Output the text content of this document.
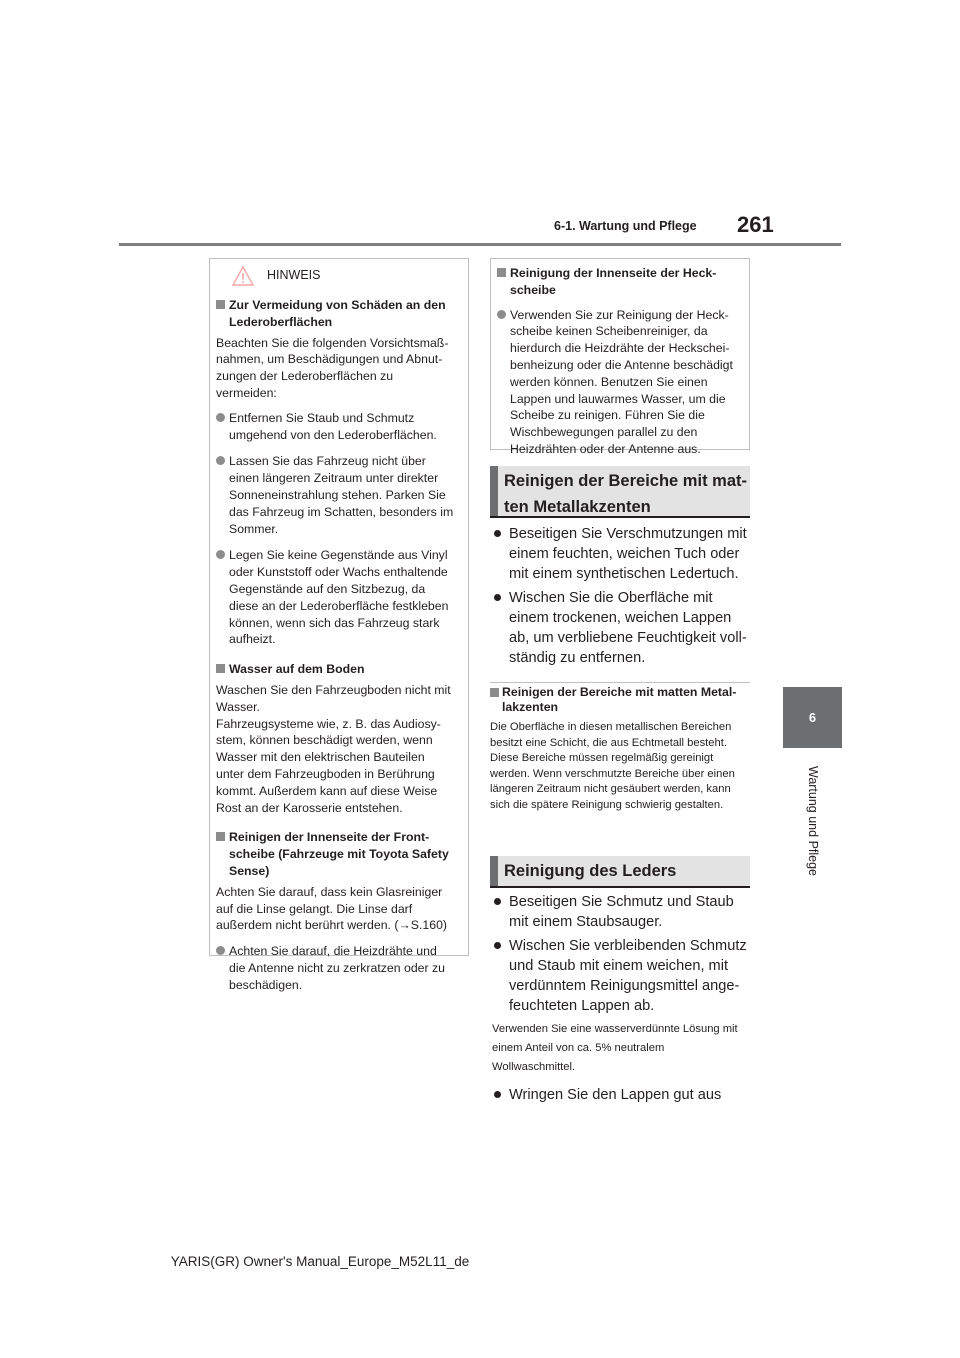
6-1. Wartung und Pflege 261
6
Wartung und Pflege
HINWEIS
Zur Vermeidung von Schäden an den Lederoberflächen
Beachten Sie die folgenden Vorsichtsmaßnahmen, um Beschädigungen und Abnutzungen der Lederoberflächen zu vermeiden:
Entfernen Sie Staub und Schmutz umgehend von den Lederoberflächen.
Lassen Sie das Fahrzeug nicht über einen längeren Zeitraum unter direkter Sonneneinstrahlung stehen. Parken Sie das Fahrzeug im Schatten, besonders im Sommer.
Legen Sie keine Gegenstände aus Vinyl oder Kunststoff oder Wachs enthaltende Gegenstände auf den Sitzbezug, da diese an der Lederoberfläche festkleben können, wenn sich das Fahrzeug stark aufheizt.
Wasser auf dem Boden
Waschen Sie den Fahrzeugboden nicht mit Wasser.
Fahrzeugsysteme wie, z. B. das Audiosystem, können beschädigt werden, wenn Wasser mit den elektrischen Bauteilen unter dem Fahrzeugboden in Berührung kommt. Außerdem kann auf diese Weise Rost an der Karosserie entstehen.
Reinigen der Innenseite der Frontscheibe (Fahrzeuge mit Toyota Safety Sense)
Achten Sie darauf, dass kein Glasreiniger auf die Linse gelangt. Die Linse darf außerdem nicht berührt werden. (→S.160)
Achten Sie darauf, die Heizdrähte und die Antenne nicht zu zerkratzen oder zu beschädigen.
Reinigung der Innenseite der Heckscheibe
Verwenden Sie zur Reinigung der Heckscheibe keinen Scheibenreiniger, da hierdurch die Heizdrähte der Heckscheibenheizung oder die Antenne beschädigt werden können. Benutzen Sie einen Lappen und lauwarmes Wasser, um die Scheibe zu reinigen. Führen Sie die Wischbewegungen parallel zu den Heizdrähten oder der Antenne aus.
Reinigen der Bereiche mit matten Metallakzenten
Beseitigen Sie Verschmutzungen mit einem feuchten, weichen Tuch oder mit einem synthetischen Ledertuch.
Wischen Sie die Oberfläche mit einem trockenen, weichen Lappen ab, um verbliebene Feuchtigkeit vollständig zu entfernen.
Reinigen der Bereiche mit matten Metallakzenten
Die Oberfläche in diesen metallischen Bereichen besitzt eine Schicht, die aus Echtmetall besteht. Diese Bereiche müssen regelmäßig gereinigt werden. Wenn verschmutzte Bereiche über einen längeren Zeitraum nicht gesäubert werden, kann sich die spätere Reinigung schwierig gestalten.
Reinigung des Leders
Beseitigen Sie Schmutz und Staub mit einem Staubsauger.
Wischen Sie verbleibenden Schmutz und Staub mit einem weichen, mit verdünntem Reinigungsmittel angefeuchteten Lappen ab.
Verwenden Sie eine wasserverdünnte Lösung mit einem Anteil von ca. 5% neutralem Wollwaschmittel.
Wringen Sie den Lappen gut aus
YARIS(GR) Owner's Manual_Europe_M52L11_de
